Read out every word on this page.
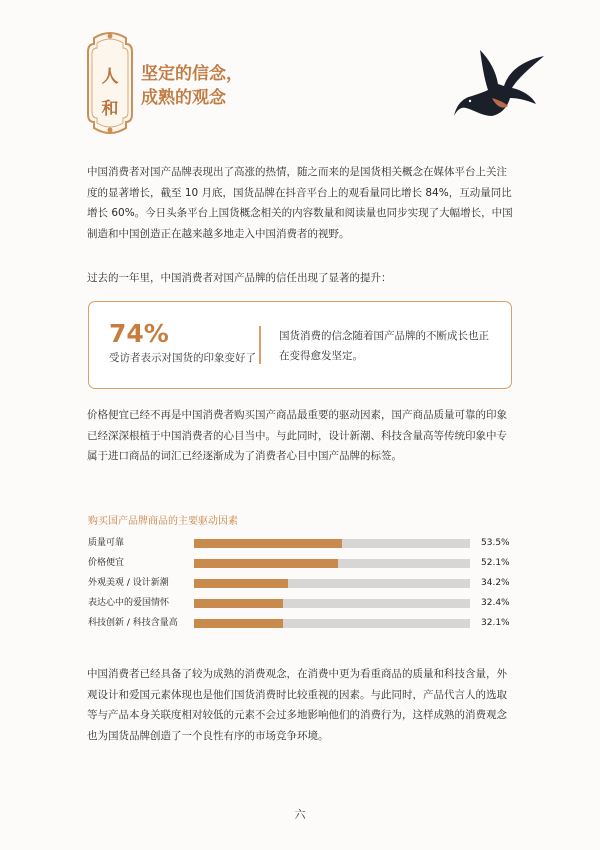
人
和
坚定的信念，
成熟的观念
中国消费者对国产品牌表现出了高涨的热情，随之而来的是国货相关概念在媒体平台上关注度的显著增长，截至 10 月底，国货品牌在抖音平台上的观看量同比增长 84%，互动量同比增长 60%。今日头条平台上国货概念相关的内容数量和阅读量也同步实现了大幅增长，中国制造和中国创造正在越来越多地走入中国消费者的视野。
过去的一年里，中国消费者对国产品牌的信任出现了显著的提升：
74%
受访者表示对国货的印象变好了
国货消费的信念随着国产品牌的不断成长也正在变得愈发坚定。
价格便宜已经不再是中国消费者购买国产商品最重要的驱动因素，国产商品质量可靠的印象已经深深根植于中国消费者的心目当中。与此同时，设计新潮、科技含量高等传统印象中专属于进口商品的词汇已经逐渐成为了消费者心目中国产品牌的标签。
购买国产品牌商品的主要驱动因素
质量可靠	53.5%
价格便宜	52.1%
外观美观 / 设计新潮	34.2%
表达心中的爱国情怀	32.4%
科技创新 / 科技含量高	32.1%
中国消费者已经具备了较为成熟的消费观念，在消费中更为看重商品的质量和科技含量，外观设计和爱国元素体现也是他们国货消费时比较重视的因素。与此同时，产品代言人的选取等与产品本身关联度相对较低的元素不会过多地影响他们的消费行为，这样成熟的消费观念也为国货品牌创造了一个良性有序的市场竞争环境。
六
